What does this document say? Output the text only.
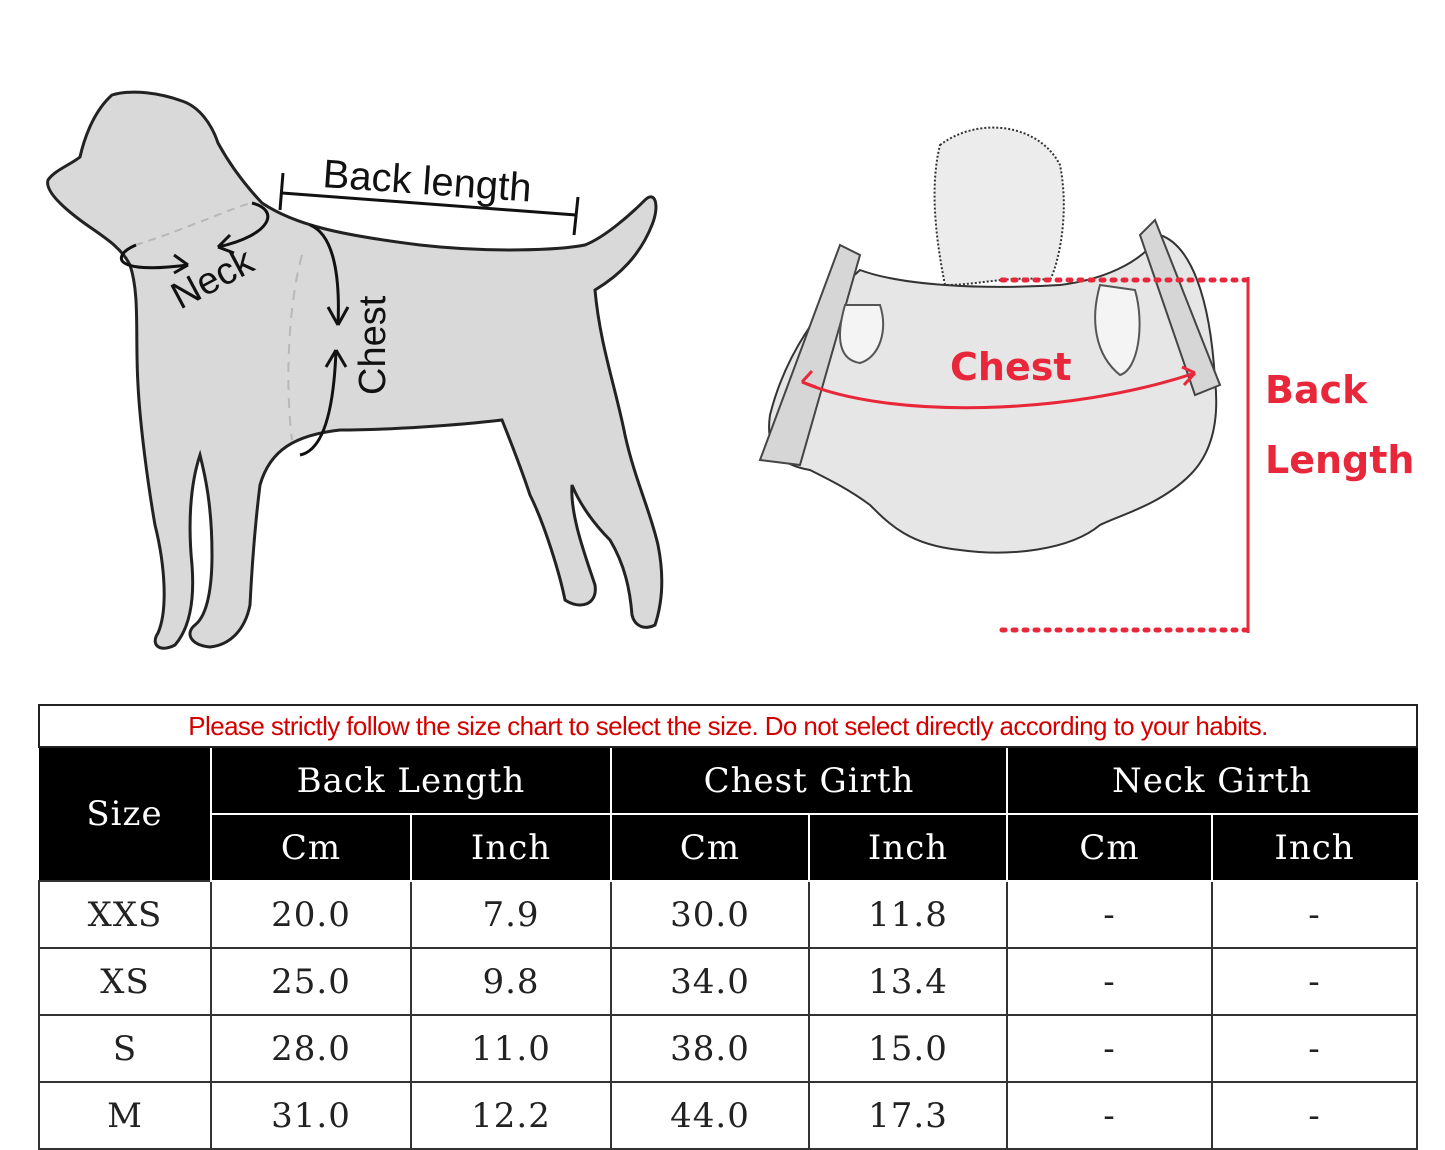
Back length
Neck
Chest	Chest
Back
Length
Please strictly follow the size chart to select the size. Do not select directly according to your habits.						
Size	Back Length		Chest Girth		Neck Girth	
	Cm	Inch	Cm	Inch	Cm	Inch
XXS	20.0	7.9	30.0	11.8	-	-
XS	25.0	9.8	34.0	13.4	-	-
S	28.0	11.0	38.0	15.0	-	-
M	31.0	12.2	44.0	17.3	-	-
